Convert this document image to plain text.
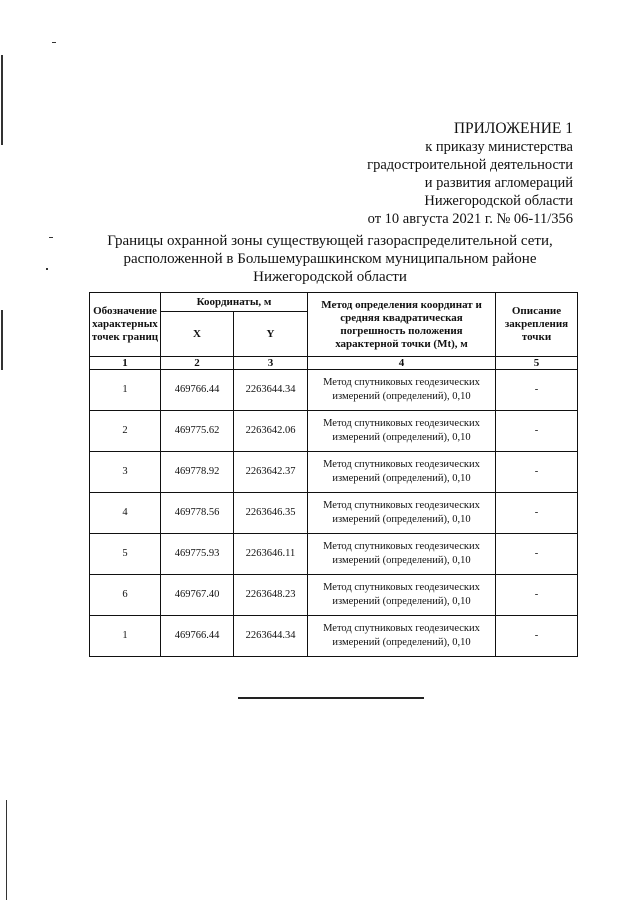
ПРИЛОЖЕНИЕ 1
к приказу министерства
градостроительной деятельности
и развития агломераций
Нижегородской области
от 10 августа 2021 г. № 06-11/356
Границы охранной зоны существующей газораспределительной сети,
расположенной в Большемурашкинском муниципальном районе
Нижегородской области
Обозначение характерных точек границ	Координаты, м		Метод определения координат и средняя квадратическая погрешность положения характерной точки (Mt), м	Описание закрепления точки
	X	Y		
1	2	3	4	5
1	469766.44	2263644.34	Метод спутниковых геодезических измерений (определений), 0,10	-
2	469775.62	2263642.06	Метод спутниковых геодезических измерений (определений), 0,10	-
3	469778.92	2263642.37	Метод спутниковых геодезических измерений (определений), 0,10	-
4	469778.56	2263646.35	Метод спутниковых геодезических измерений (определений), 0,10	-
5	469775.93	2263646.11	Метод спутниковых геодезических измерений (определений), 0,10	-
6	469767.40	2263648.23	Метод спутниковых геодезических измерений (определений), 0,10	-
1	469766.44	2263644.34	Метод спутниковых геодезических измерений (определений), 0,10	-
